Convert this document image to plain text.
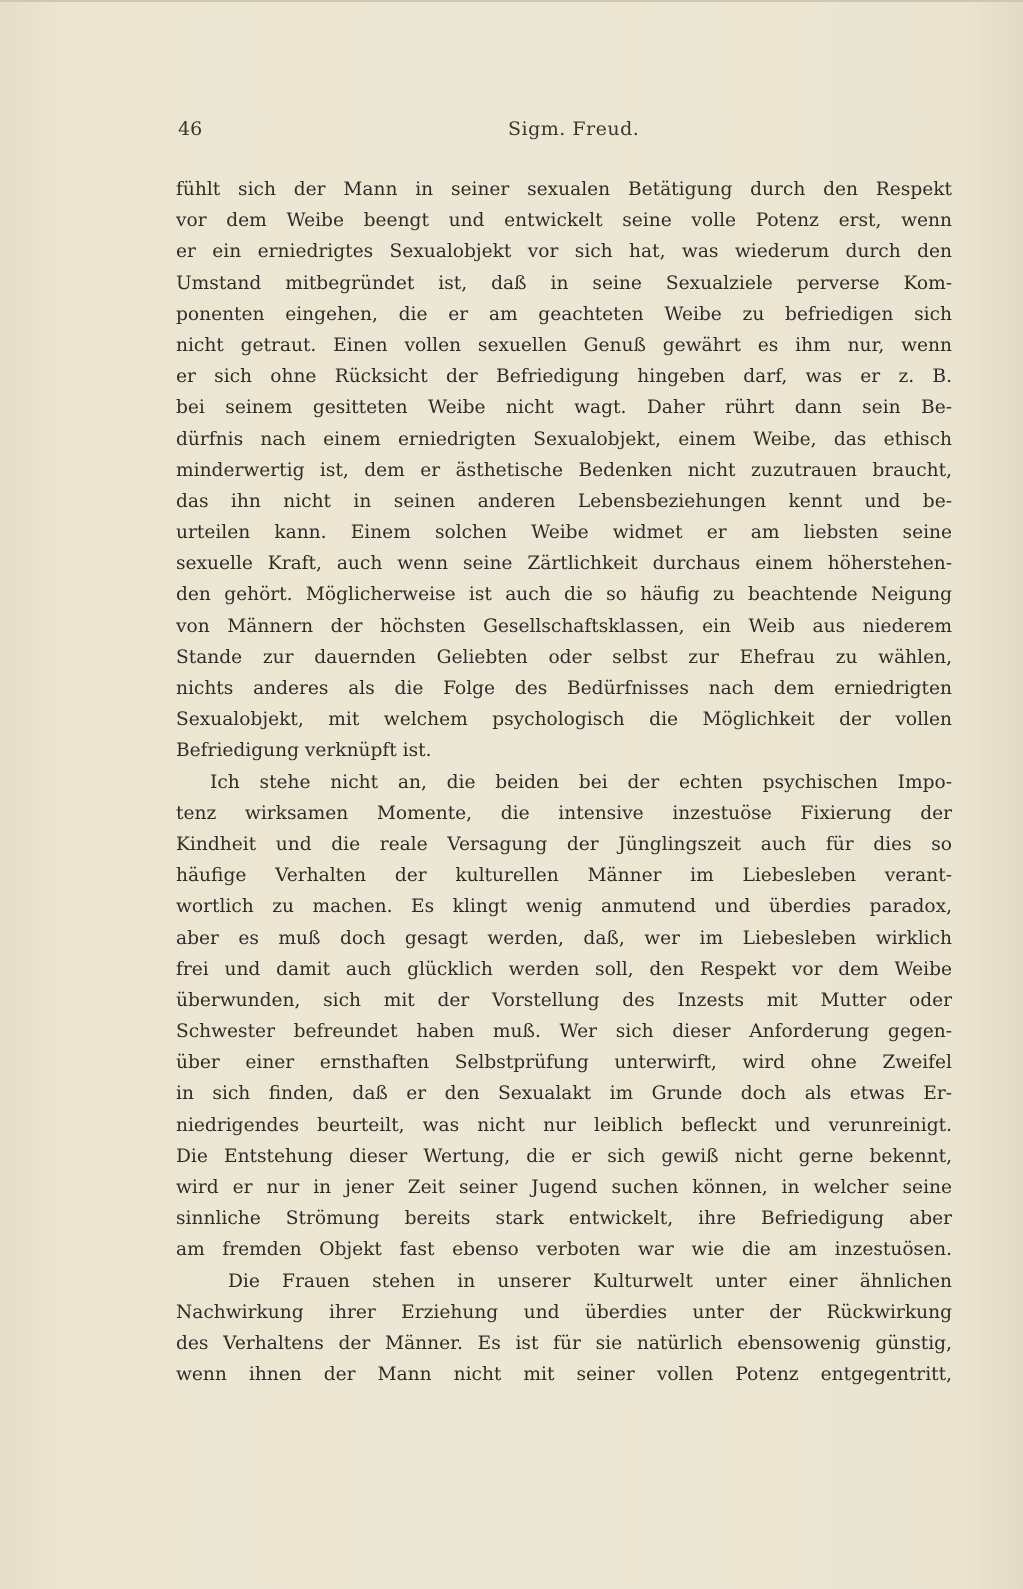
46	Sigm. Freud.
fühlt sich der Mann in seiner sexualen Betätigung durch den Respekt
vor dem Weibe beengt und entwickelt seine volle Potenz erst, wenn
er ein erniedrigtes Sexualobjekt vor sich hat, was wiederum durch den
Umstand mitbegründet ist, daß in seine Sexualziele perverse Kom-
ponenten eingehen, die er am geachteten Weibe zu befriedigen sich
nicht getraut. Einen vollen sexuellen Genuß gewährt es ihm nur, wenn
er sich ohne Rücksicht der Befriedigung hingeben darf, was er z. B.
bei seinem gesitteten Weibe nicht wagt. Daher rührt dann sein Be-
dürfnis nach einem erniedrigten Sexualobjekt, einem Weibe, das ethisch
minderwertig ist, dem er ästhetische Bedenken nicht zuzutrauen braucht,
das ihn nicht in seinen anderen Lebensbeziehungen kennt und be-
urteilen kann. Einem solchen Weibe widmet er am liebsten seine
sexuelle Kraft, auch wenn seine Zärtlichkeit durchaus einem höherstehen-
den gehört. Möglicherweise ist auch die so häufig zu beachtende Neigung
von Männern der höchsten Gesellschaftsklassen, ein Weib aus niederem
Stande zur dauernden Geliebten oder selbst zur Ehefrau zu wählen,
nichts anderes als die Folge des Bedürfnisses nach dem erniedrigten
Sexualobjekt, mit welchem psychologisch die Möglichkeit der vollen
Befriedigung verknüpft ist.
Ich stehe nicht an, die beiden bei der echten psychischen Impo-
tenz wirksamen Momente, die intensive inzestuöse Fixierung der
Kindheit und die reale Versagung der Jünglingszeit auch für dies so
häufige Verhalten der kulturellen Männer im Liebesleben verant-
wortlich zu machen. Es klingt wenig anmutend und überdies paradox,
aber es muß doch gesagt werden, daß, wer im Liebesleben wirklich
frei und damit auch glücklich werden soll, den Respekt vor dem Weibe
überwunden, sich mit der Vorstellung des Inzests mit Mutter oder
Schwester befreundet haben muß. Wer sich dieser Anforderung gegen-
über einer ernsthaften Selbstprüfung unterwirft, wird ohne Zweifel
in sich finden, daß er den Sexualakt im Grunde doch als etwas Er-
niedrigendes beurteilt, was nicht nur leiblich befleckt und verunreinigt.
Die Entstehung dieser Wertung, die er sich gewiß nicht gerne bekennt,
wird er nur in jener Zeit seiner Jugend suchen können, in welcher seine
sinnliche Strömung bereits stark entwickelt, ihre Befriedigung aber
am fremden Objekt fast ebenso verboten war wie die am inzestuösen.
Die Frauen stehen in unserer Kulturwelt unter einer ähnlichen
Nachwirkung ihrer Erziehung und überdies unter der Rückwirkung
des Verhaltens der Männer. Es ist für sie natürlich ebensowenig günstig,
wenn ihnen der Mann nicht mit seiner vollen Potenz entgegentritt,
